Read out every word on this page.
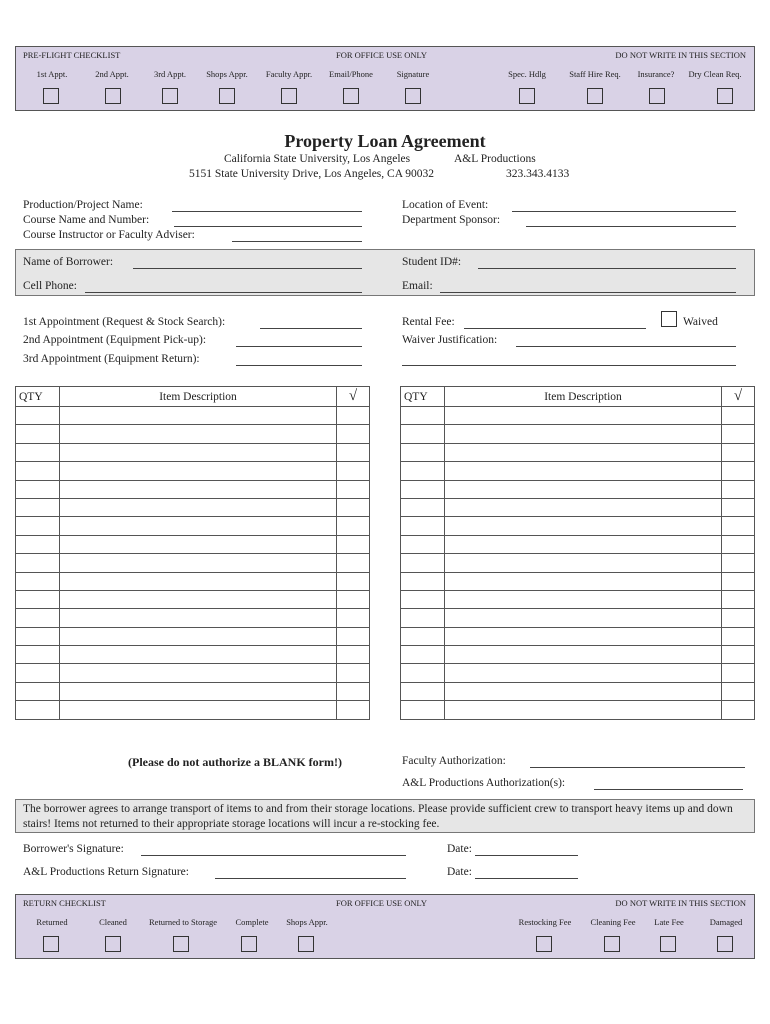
PRE-FLIGHT CHECKLIST	FOR OFFICE USE ONLY	DO NOT WRITE IN THIS SECTION
1st Appt.	2nd Appt.	3rd Appt.	Shops Appr.	Faculty Appr.	Email/Phone	Signature	Spec. Hdlg	Staff Hire Req.	Insurance?	Dry Clean Req.
Property Loan Agreement
California State University, Los Angeles	A&L Productions
5151 State University Drive, Los Angeles, CA 90032	323.343.4133
Production/Project Name:
Course Name and Number:
Course Instructor or Faculty Adviser:
Location of Event:
Department Sponsor:
Name of Borrower:	Student ID#:
Cell Phone:	Email:
1st Appointment (Request & Stock Search):
2nd Appointment (Equipment Pick-up):
3rd Appointment (Equipment Return):
Rental Fee:	Waived
Waiver Justification:
QTY	Item Description	√

			QTY	Item Description	√

(Please do not authorize a BLANK form!)	Faculty Authorization:
A&L Productions Authorization(s):
The borrower agrees to arrange transport of items to and from their storage locations. Please provide sufficient crew to transport heavy items up and down stairs! Items not returned to their appropriate storage locations will incur a re-stocking fee.
Borrower's Signature:	Date:
A&L Productions Return Signature:	Date:
RETURN CHECKLIST	FOR OFFICE USE ONLY	DO NOT WRITE IN THIS SECTION
Returned	Cleaned	Returned to Storage	Complete	Shops Appr.	Restocking Fee	Cleaning Fee	Late Fee	Damaged
